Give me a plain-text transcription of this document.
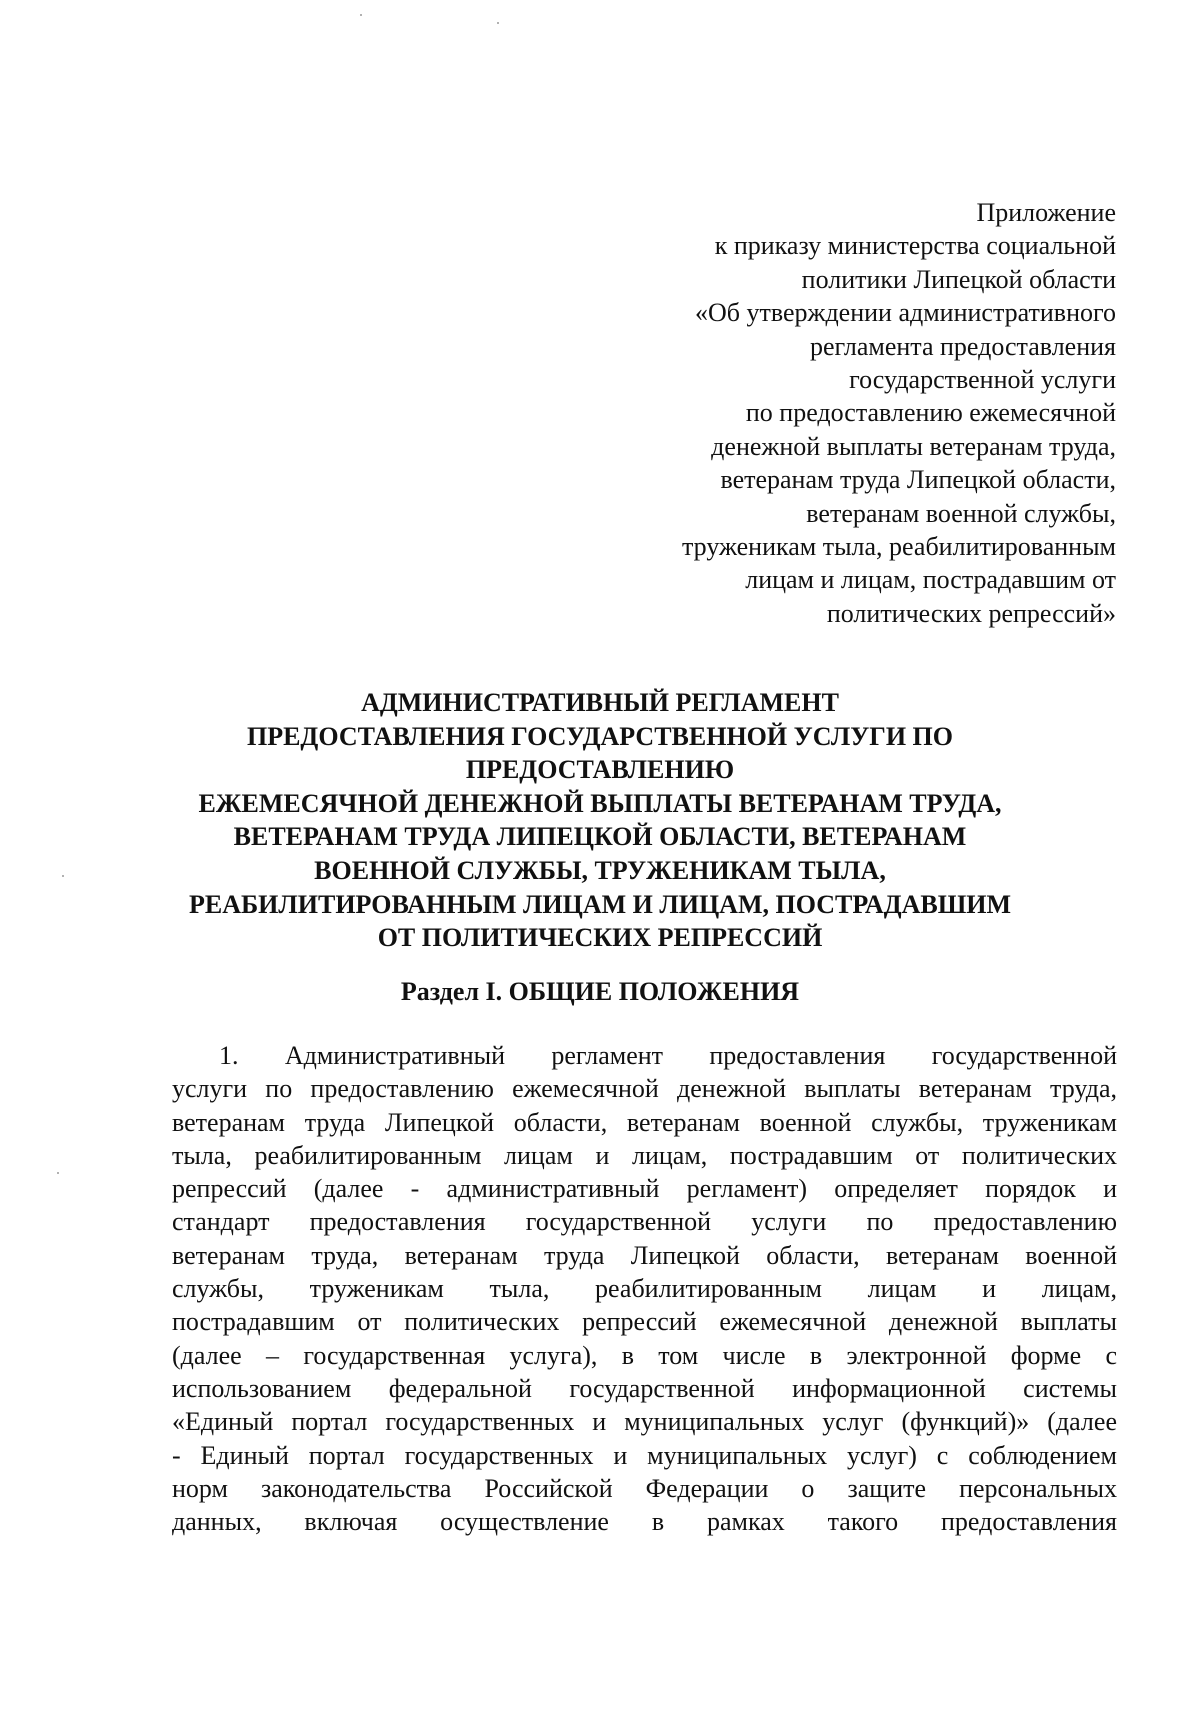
Приложение
к приказу министерства социальной
политики Липецкой области
«Об утверждении административного
регламента предоставления
государственной услуги
по предоставлению ежемесячной
денежной выплаты ветеранам труда,
ветеранам труда Липецкой области,
ветеранам военной службы,
труженикам тыла, реабилитированным
лицам и лицам, пострадавшим от
политических репрессий»
АДМИНИСТРАТИВНЫЙ РЕГЛАМЕНТ
ПРЕДОСТАВЛЕНИЯ ГОСУДАРСТВЕННОЙ УСЛУГИ ПО
ПРЕДОСТАВЛЕНИЮ
ЕЖЕМЕСЯЧНОЙ ДЕНЕЖНОЙ ВЫПЛАТЫ ВЕТЕРАНАМ ТРУДА,
ВЕТЕРАНАМ ТРУДА ЛИПЕЦКОЙ ОБЛАСТИ, ВЕТЕРАНАМ
ВОЕННОЙ СЛУЖБЫ, ТРУЖЕНИКАМ ТЫЛА,
РЕАБИЛИТИРОВАННЫМ ЛИЦАМ И ЛИЦАМ, ПОСТРАДАВШИМ
ОТ ПОЛИТИЧЕСКИХ РЕПРЕССИЙ
Раздел I. ОБЩИЕ ПОЛОЖЕНИЯ
1. Административный регламент предоставления государственной
услуги по предоставлению ежемесячной денежной выплаты ветеранам труда,
ветеранам труда Липецкой области, ветеранам военной службы, труженикам
тыла, реабилитированным лицам и лицам, пострадавшим от политических
репрессий (далее - административный регламент) определяет порядок и
стандарт предоставления государственной услуги по предоставлению
ветеранам труда, ветеранам труда Липецкой области, ветеранам военной
службы, труженикам тыла, реабилитированным лицам и лицам,
пострадавшим от политических репрессий ежемесячной денежной выплаты
(далее – государственная услуга), в том числе в электронной форме с
использованием федеральной государственной информационной системы
«Единый портал государственных и муниципальных услуг (функций)» (далее
- Единый портал государственных и муниципальных услуг) с соблюдением
норм законодательства Российской Федерации о защите персональных
данных, включая осуществление в рамках такого предоставления
